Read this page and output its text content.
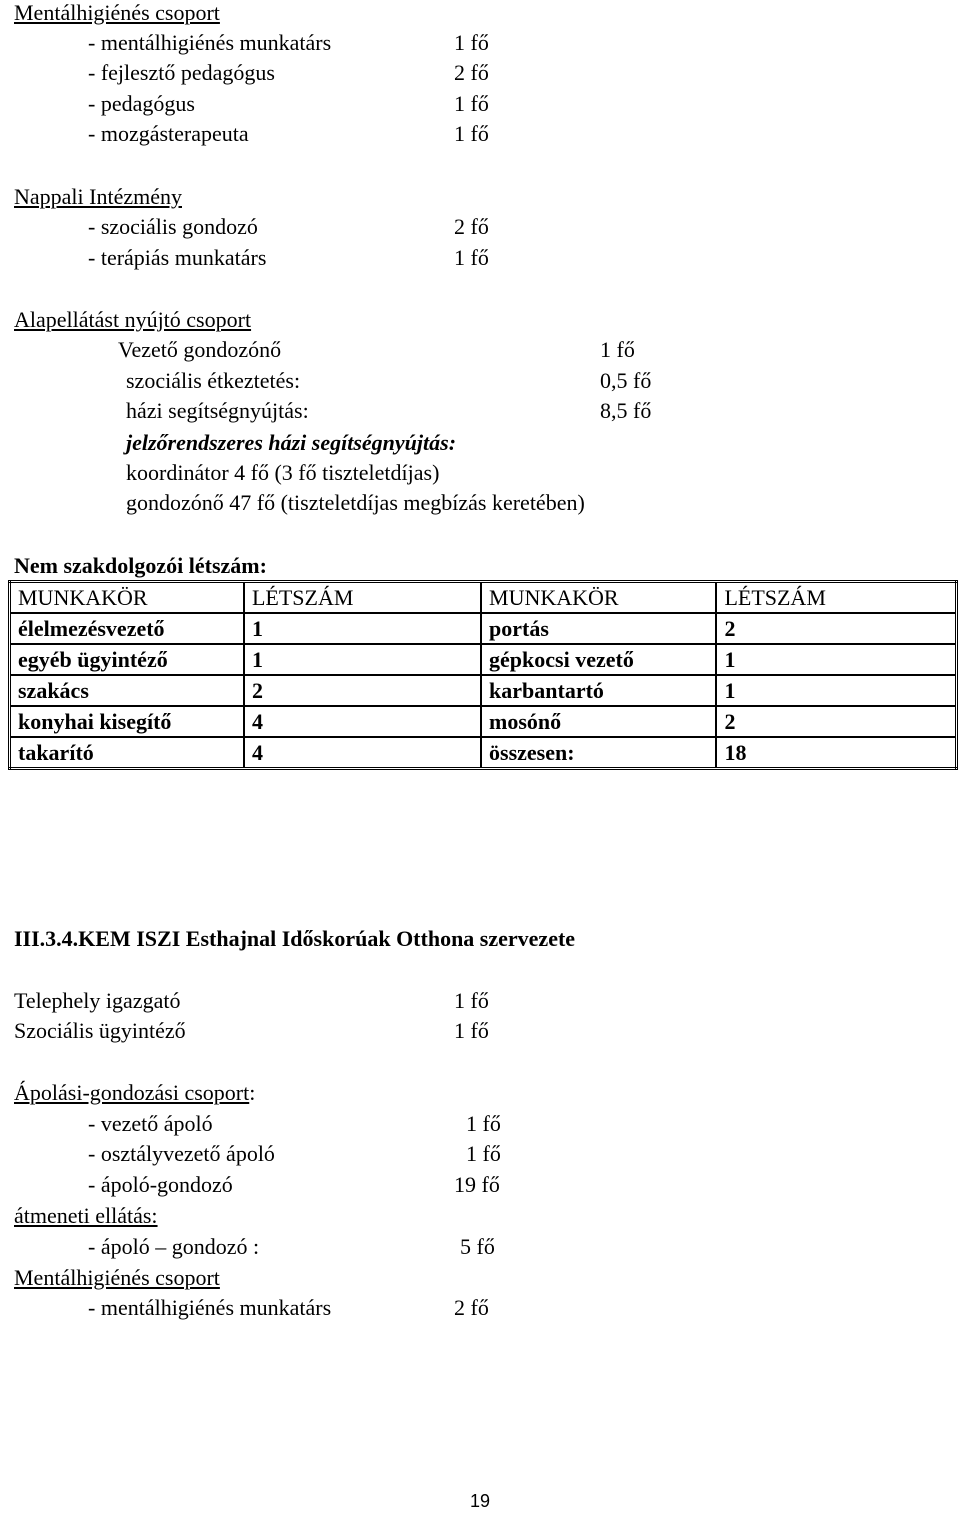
Mentálhigiénés csoport
- mentálhigiénés munkatárs	1 fő
- fejlesztő pedagógus	2 fő
- pedagógus	1 fő
- mozgásterapeuta	1 fő
Nappali Intézmény
- szociális gondozó	2 fő
- terápiás munkatárs	1 fő
Alapellátást nyújtó csoport
Vezető gondozónő	1 fő
szociális étkeztetés:	0,5 fő
házi segítségnyújtás:	8,5 fő
jelzőrendszeres házi segítségnyújtás:
koordinátor 4 fő (3 fő tiszteletdíjas)
gondozónő 47 fő (tiszteletdíjas megbízás keretében)
Nem szakdolgozói létszám:
MUNKAKÖR	LÉTSZÁM	MUNKAKÖR	LÉTSZÁM
élelmezésvezető	1	portás	2
egyéb ügyintéző	1	gépkocsi vezető	1
szakács	2	karbantartó	1
konyhai kisegítő	4	mosónő	2
takarító	4	összesen:	18
III.3.4.KEM ISZI Esthajnal Időskorúak Otthona szervezete
Telephely igazgató	1 fő
Szociális ügyintéző	1 fő
Ápolási-gondozási csoport:
- vezető ápoló	1 fő
- osztályvezető ápoló	1 fő
- ápoló-gondozó	19 fő
átmeneti ellátás:
- ápoló – gondozó :	5 fő
Mentálhigiénés csoport
- mentálhigiénés munkatárs	2 fő
19
